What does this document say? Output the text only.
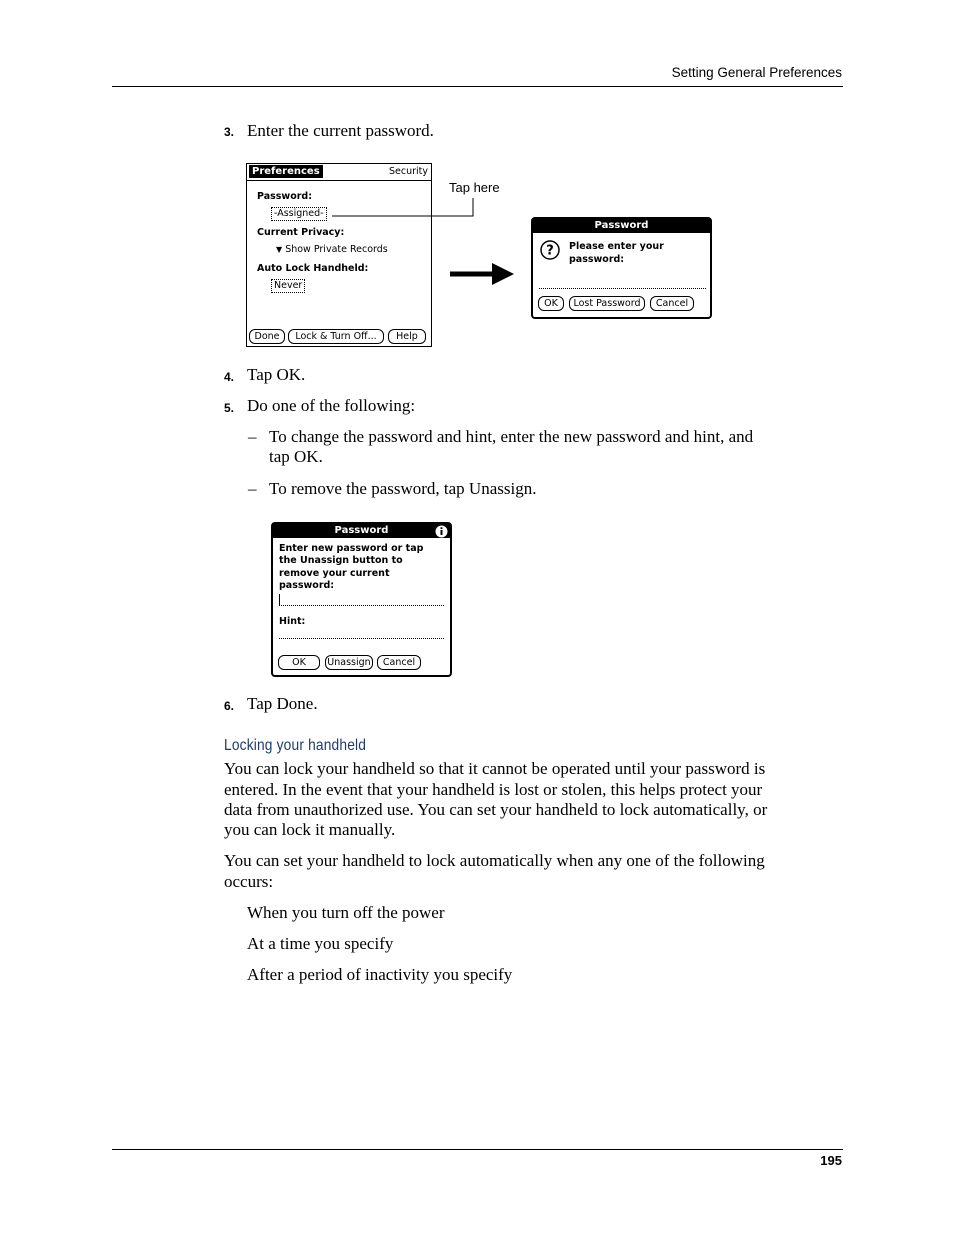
Setting General Preferences
3. Enter the current password.
Preferences	Security
Password:
-Assigned-
Current Privacy:
▼ Show Private Records
Auto Lock Handheld:
Never
Done	Lock & Turn Off...	Help
Tap here
Password
? Please enter your
password:
OK	Lost Password	Cancel
4. Tap OK.
5. Do one of the following:
– To change the password and hint, enter the new password and hint, and
tap OK.
– To remove the password, tap Unassign.
Password
Enter new password or tap
the Unassign button to
remove your current
password:
Hint:
OK	Unassign	Cancel
6. Tap Done.
Locking your handheld
You can lock your handheld so that it cannot be operated until your password is
entered. In the event that your handheld is lost or stolen, this helps protect your
data from unauthorized use. You can set your handheld to lock automatically, or
you can lock it manually.
You can set your handheld to lock automatically when any one of the following
occurs:
When you turn off the power
At a time you specify
After a period of inactivity you specify
195
